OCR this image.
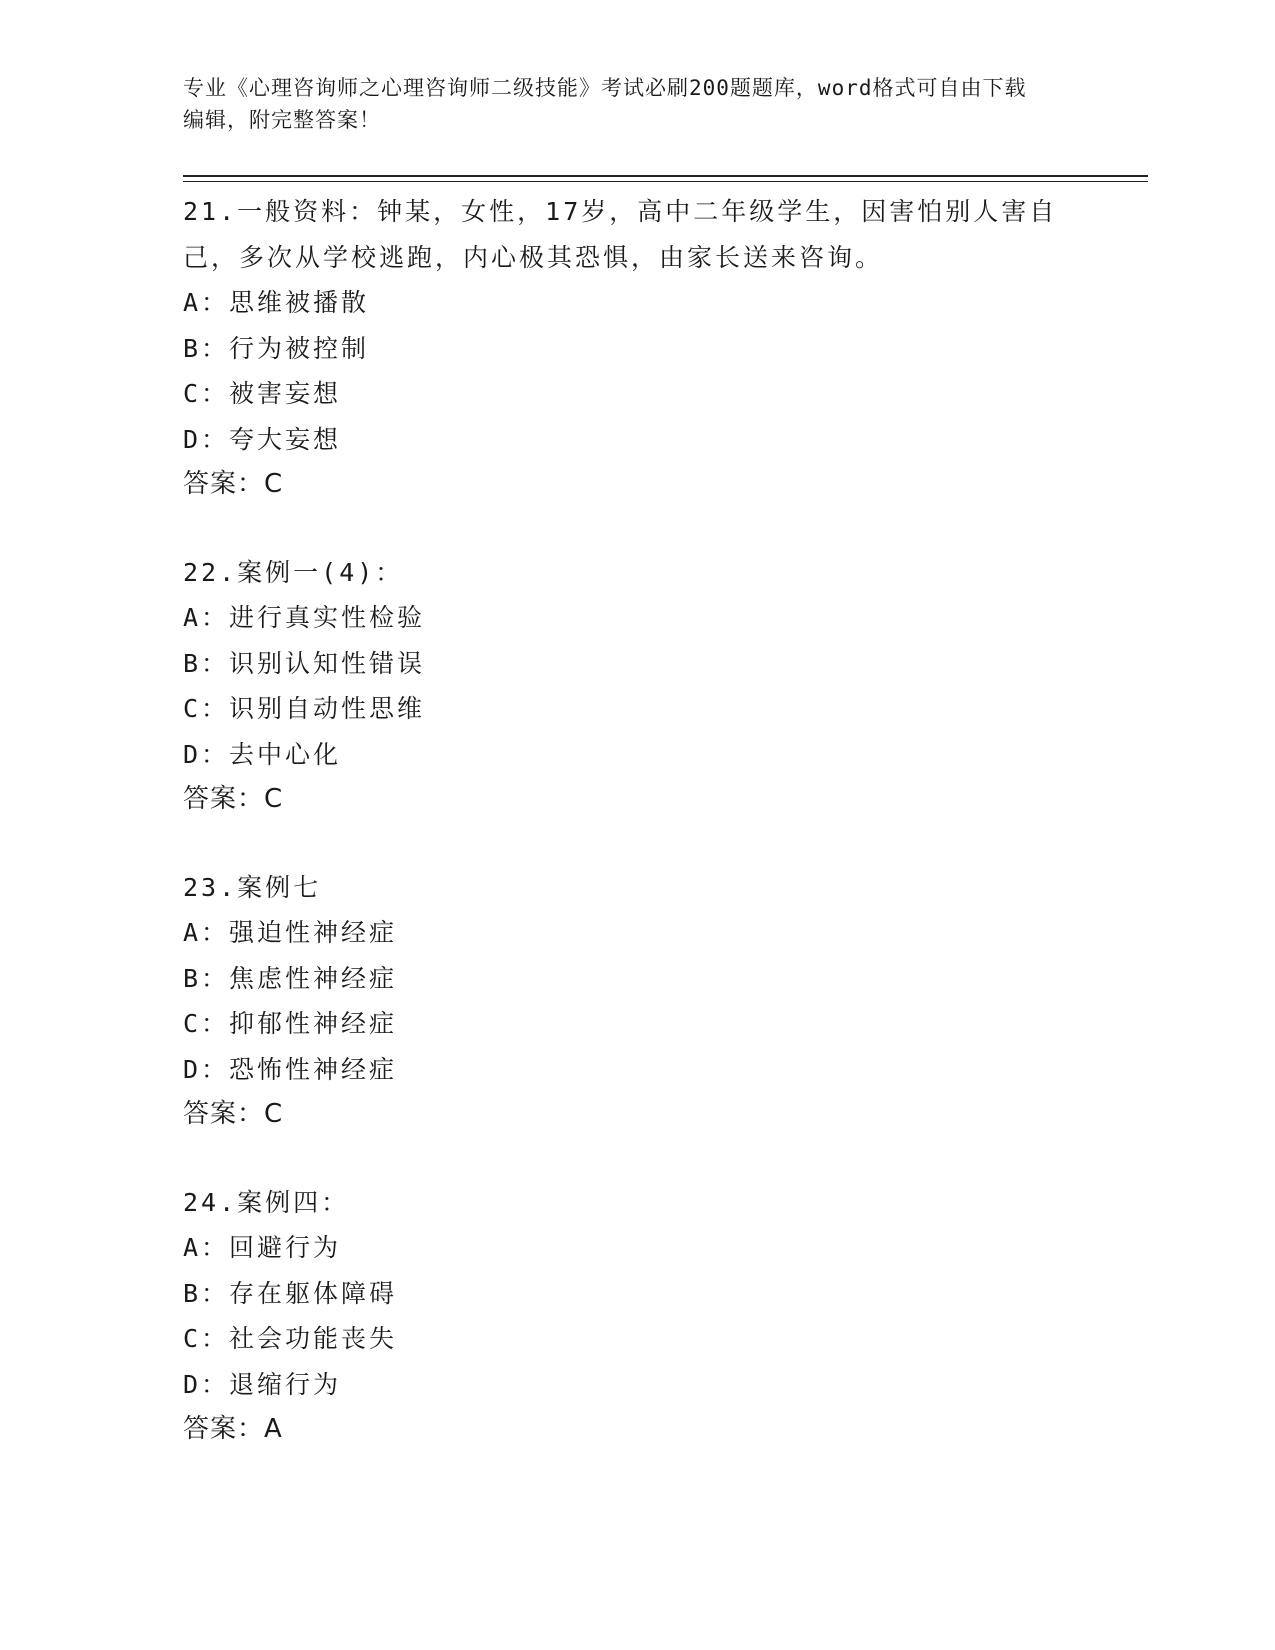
专业《心理咨询师之心理咨询师二级技能》考试必刷200题题库，word格式可自由下载编辑，附完整答案！
21.一般资料：钟某，女性，17岁，高中二年级学生，因害怕别人害自己，多次从学校逃跑，内心极其恐惧，由家长送来咨询。
A：思维被播散
B：行为被控制
C：被害妄想
D：夸大妄想
答案：C
22.案例一(4)：
A：进行真实性检验
B：识别认知性错误
C：识别自动性思维
D：去中心化
答案：C
23.案例七
A：强迫性神经症
B：焦虑性神经症
C：抑郁性神经症
D：恐怖性神经症
答案：C
24.案例四：
A：回避行为
B：存在躯体障碍
C：社会功能丧失
D：退缩行为
答案：A
